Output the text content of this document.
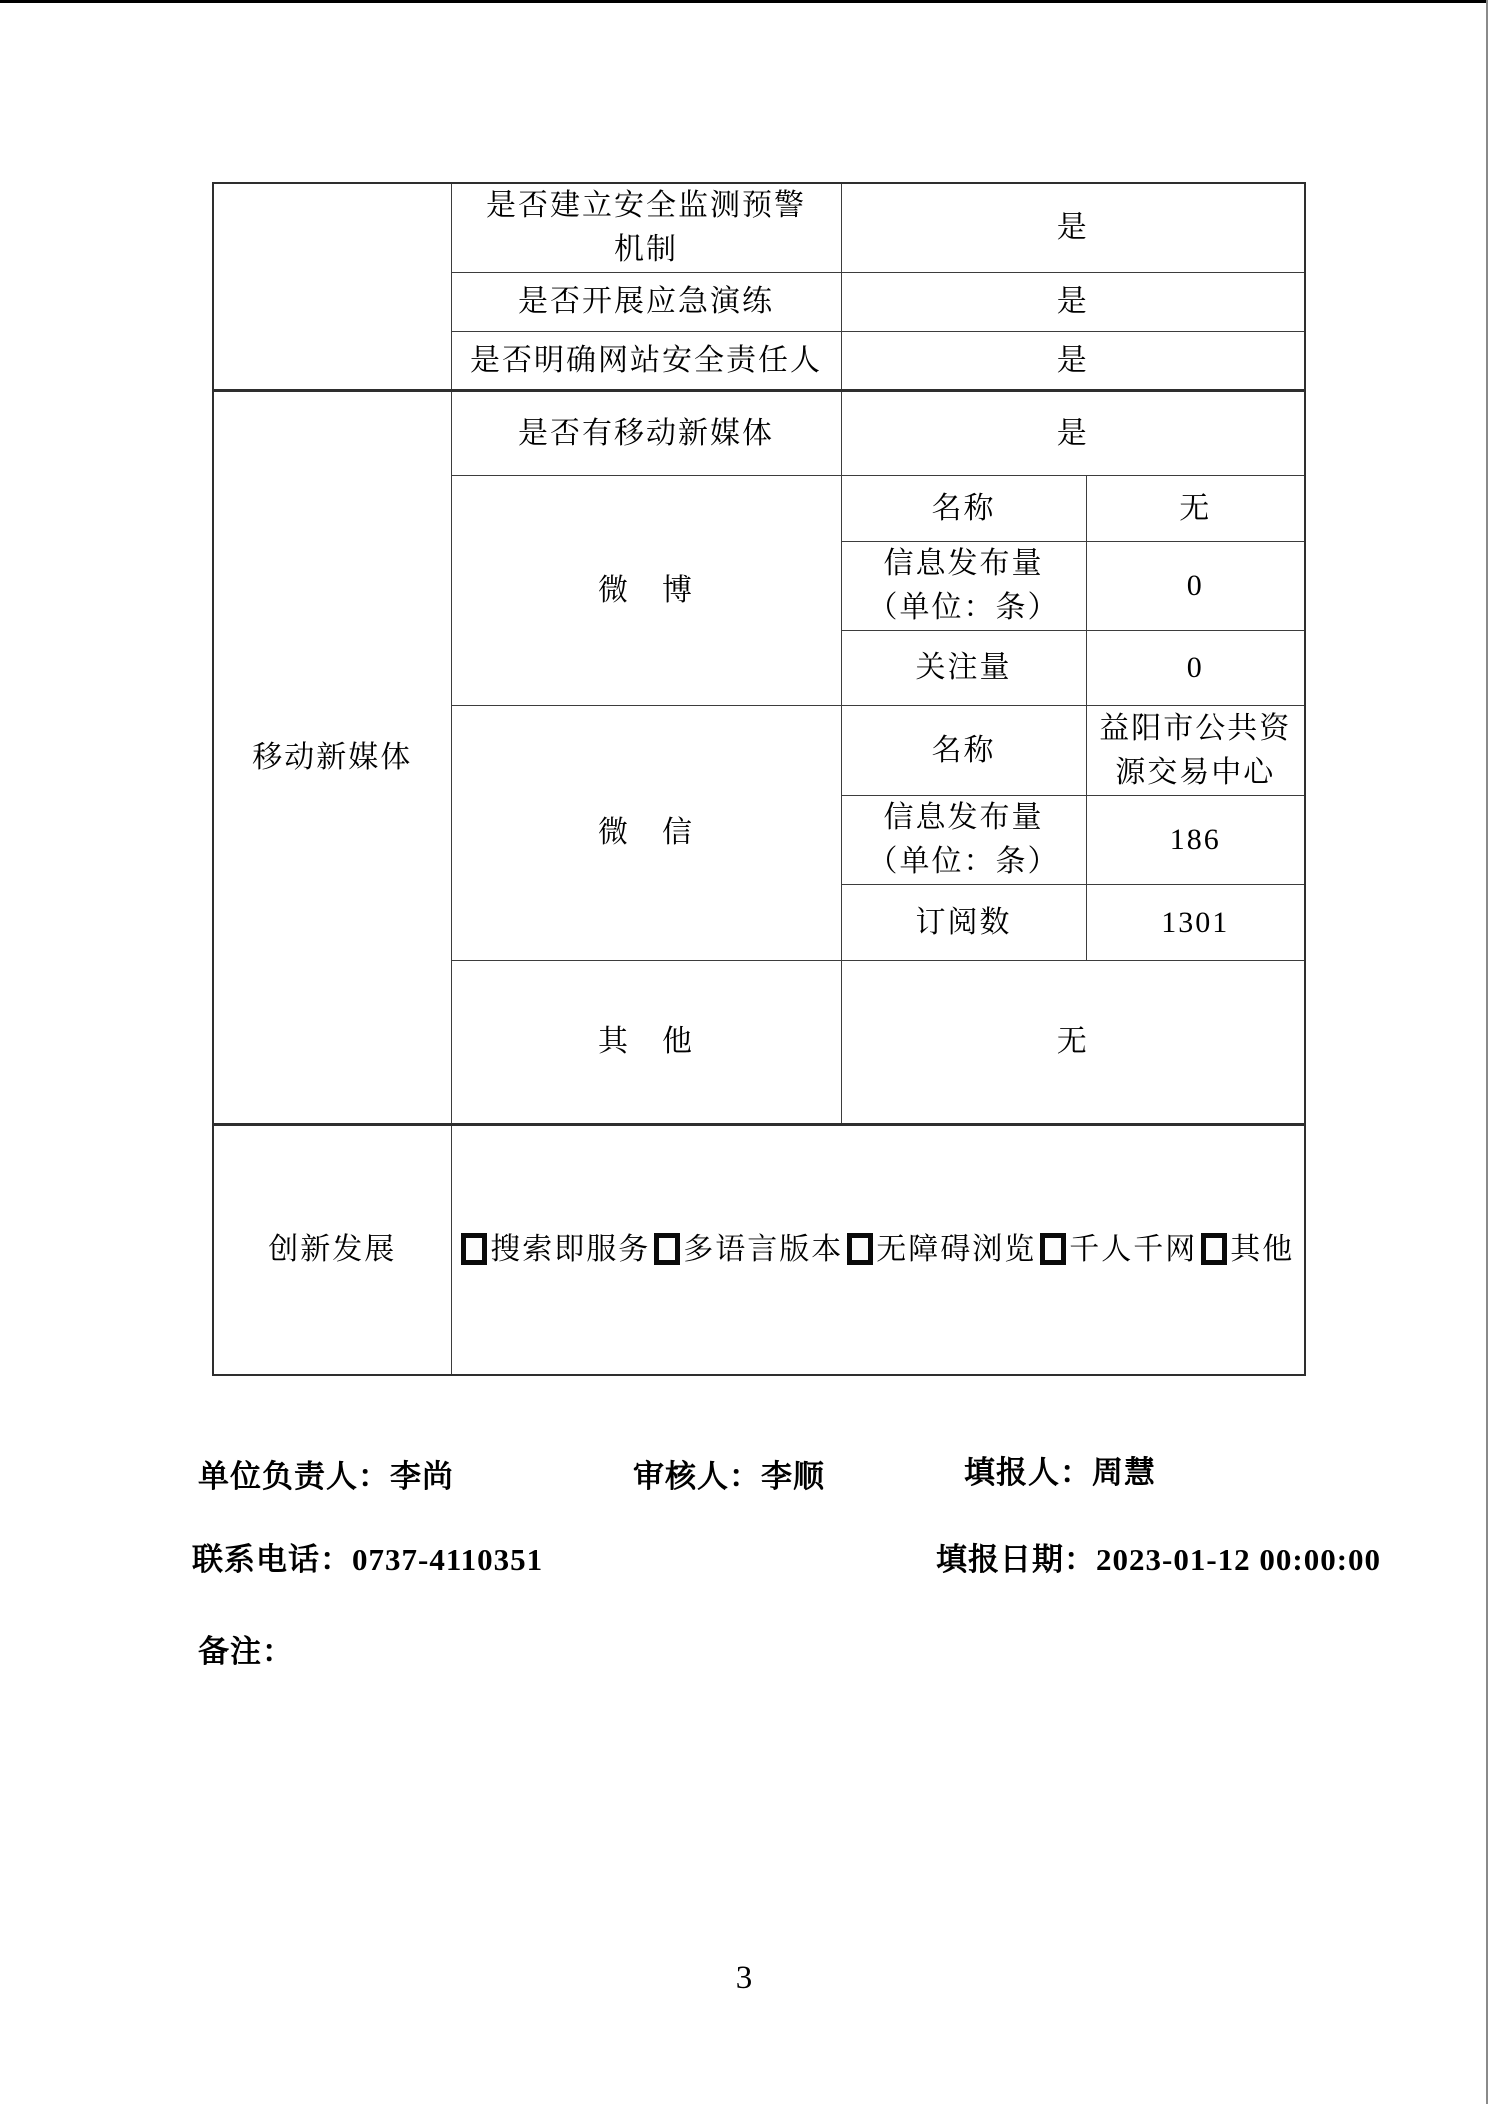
	是否建立安全监测预警
机制	是	
	是否开展应急演练	是	
	是否明确网站安全责任人	是	
移动新媒体	是否有移动新媒体	是	
	微　博	名称	无

		信息发布量
（单位：条）	0
		关注量	0
	微　信	名称	益阳市公共资源交易中心

		信息发布量
（单位：条）	186
		订阅数	1301
	其　他	无	
创新发展	搜索即服务 多语言版本 无障碍浏览 千人千网 其他		
单位负责人：李尚	审核人：李顺	填报人：周慧
联系电话：0737-4110351	填报日期：2023-01-12 00:00:00
备注：
3
